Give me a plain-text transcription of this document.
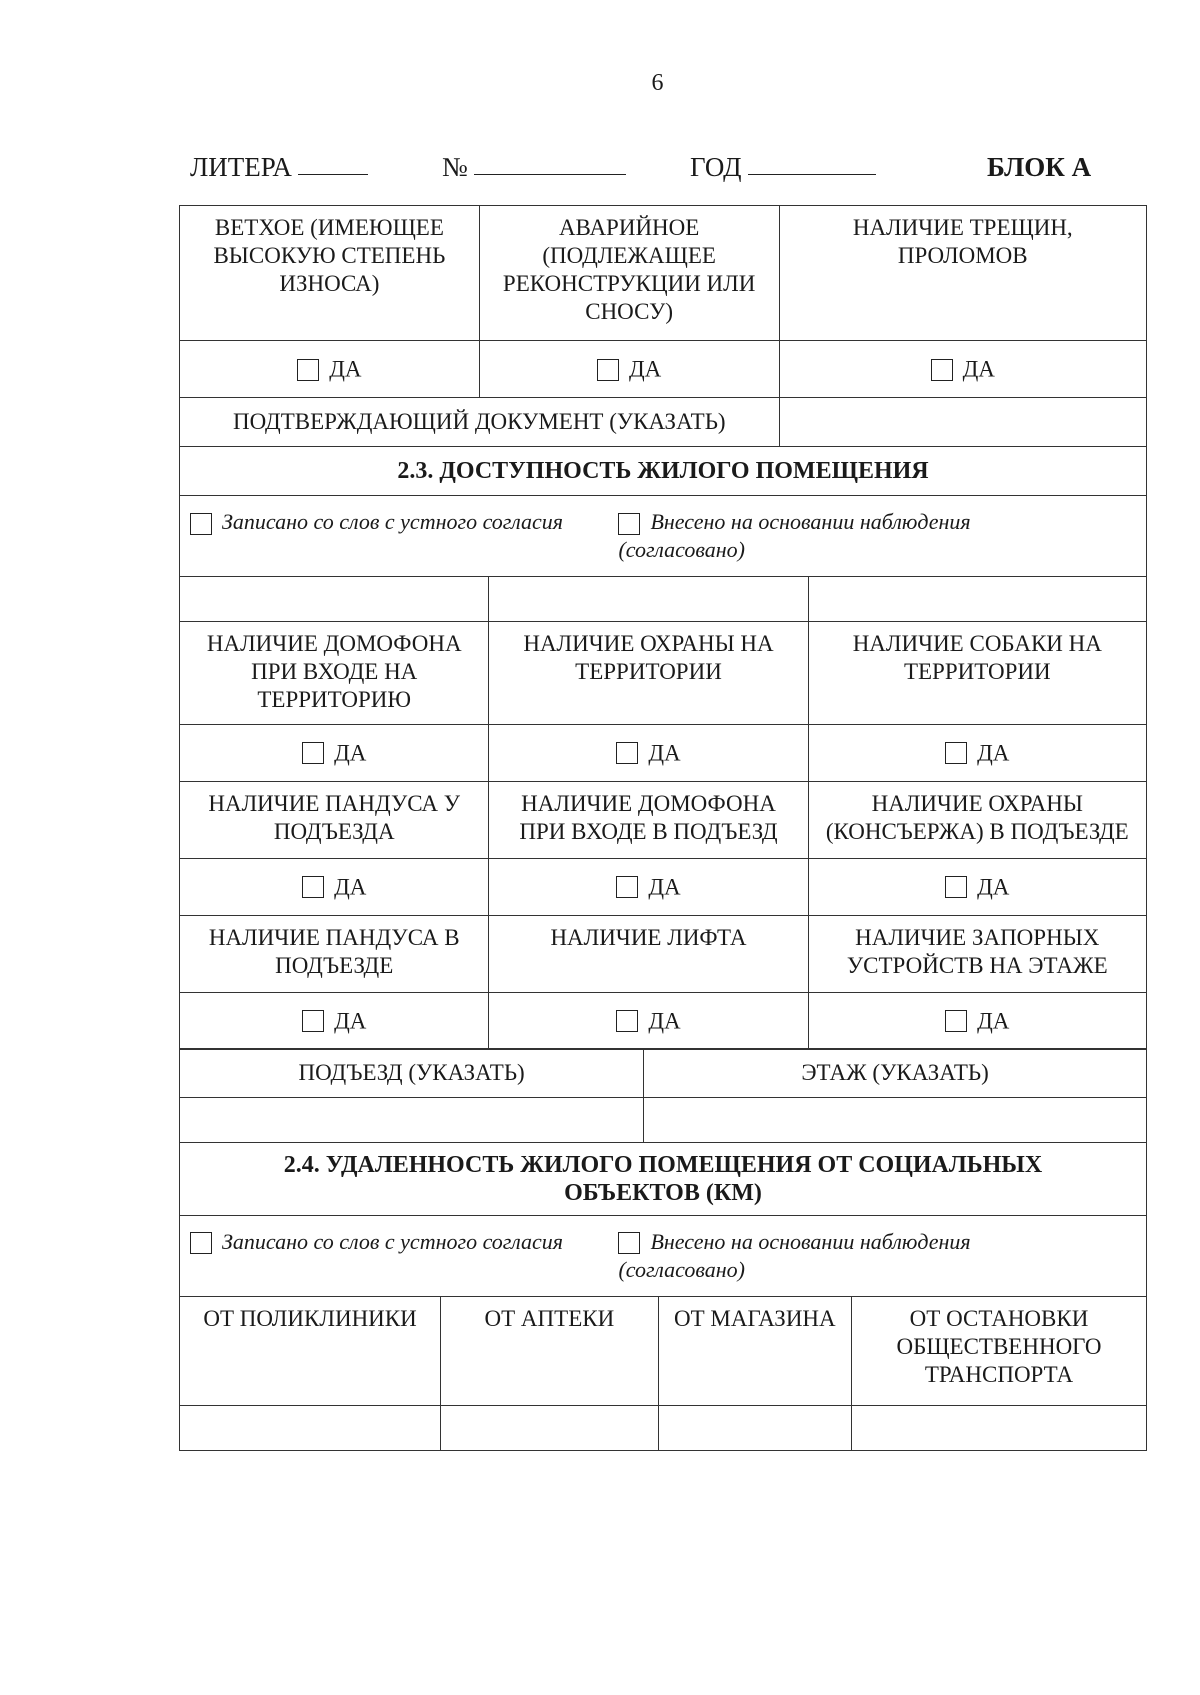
6
ЛИТЕРА	№	ГОД	БЛОК А
ВЕТХОЕ (ИМЕЮЩЕЕ ВЫСОКУЮ СТЕПЕНЬ ИЗНОСА)	АВАРИЙНОЕ (ПОДЛЕЖАЩЕЕ РЕКОНСТРУКЦИИ ИЛИ СНОСУ)	НАЛИЧИЕ ТРЕЩИН, ПРОЛОМОВ
ДА	ДА	ДА
ПОДТВЕРЖДАЮЩИЙ ДОКУМЕНТ (УКАЗАТЬ)		
2.3. ДОСТУПНОСТЬ ЖИЛОГО ПОМЕЩЕНИЯ		
Записано со слов с устного согласия Внесено на основании наблюдения (согласовано)		

НАЛИЧИЕ ДОМОФОНА ПРИ ВХОДЕ НА ТЕРРИТОРИЮ	НАЛИЧИЕ ОХРАНЫ НА ТЕРРИТОРИИ	НАЛИЧИЕ СОБАКИ НА ТЕРРИТОРИИ
ДА	ДА	ДА
НАЛИЧИЕ ПАНДУСА У ПОДЪЕЗДА	НАЛИЧИЕ ДОМОФОНА ПРИ ВХОДЕ В ПОДЪЕЗД	НАЛИЧИЕ ОХРАНЫ (КОНСЪЕРЖА) В ПОДЪЕЗДЕ
ДА	ДА	ДА
НАЛИЧИЕ ПАНДУСА В ПОДЪЕЗДЕ	НАЛИЧИЕ ЛИФТА	НАЛИЧИЕ ЗАПОРНЫХ УСТРОЙСТВ НА ЭТАЖЕ
ДА	ДА	ДА
ПОДЪЕЗД (УКАЗАТЬ)	ЭТАЖ (УКАЗАТЬ)

2.4. УДАЛЕННОСТЬ ЖИЛОГО ПОМЕЩЕНИЯ ОТ СОЦИАЛЬНЫХ ОБЪЕКТОВ (КМ)			
Записано со слов с устного согласия Внесено на основании наблюдения (согласовано)			
ОТ ПОЛИКЛИНИКИ	ОТ АПТЕКИ	ОТ МАГАЗИНА	ОТ ОСТАНОВКИ ОБЩЕСТВЕННОГО ТРАНСПОРТА
